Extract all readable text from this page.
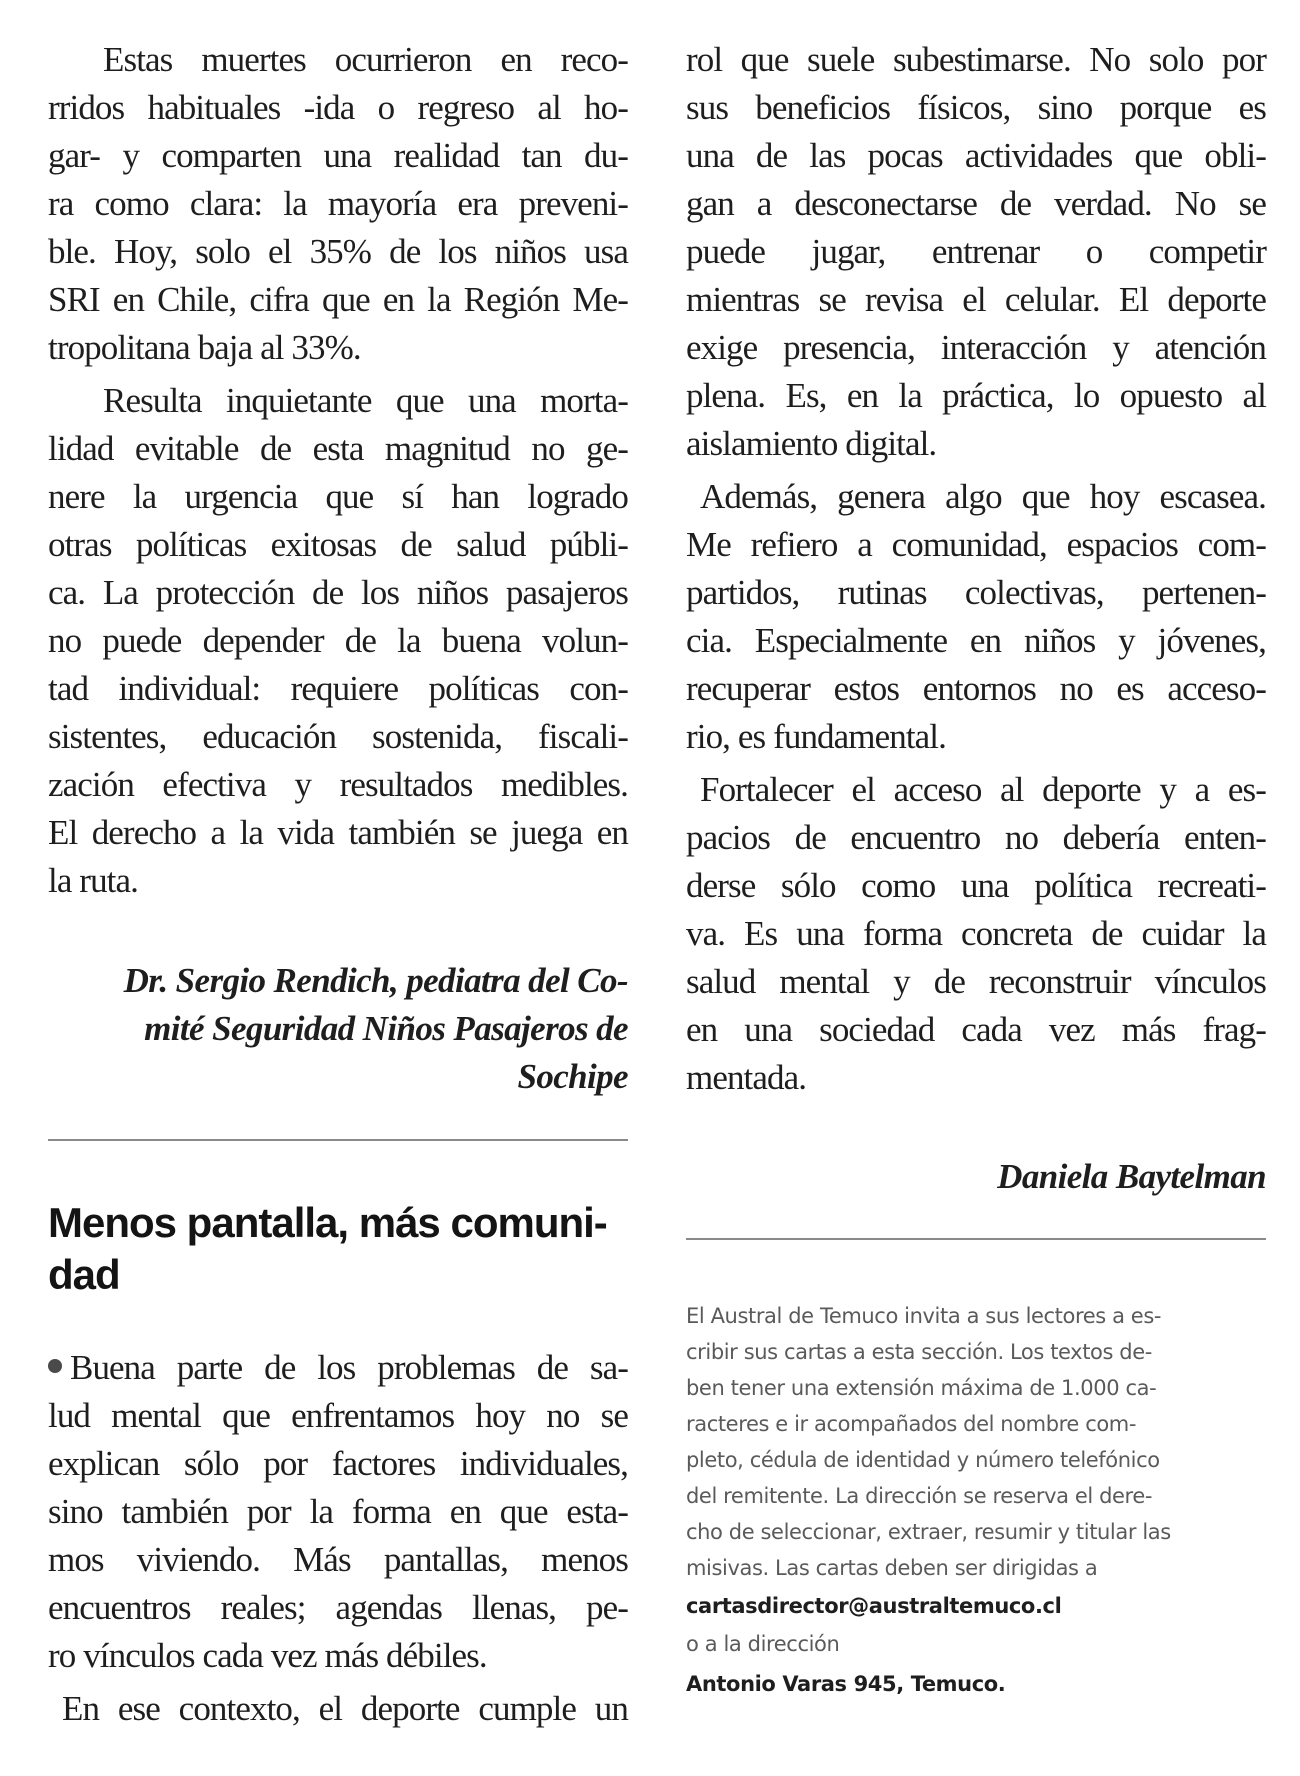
Estas muertes ocurrieron en reco-
rridos habituales -ida o regreso al ho-
gar- y comparten una realidad tan du-
ra como clara: la mayoría era preveni-
ble. Hoy, solo el 35% de los niños usa
SRI en Chile, cifra que en la Región Me-
tropolitana baja al 33%.
Resulta inquietante que una morta-
lidad evitable de esta magnitud no ge-
nere la urgencia que sí han logrado
otras políticas exitosas de salud públi-
ca. La protección de los niños pasajeros
no puede depender de la buena volun-
tad individual: requiere políticas con-
sistentes, educación sostenida, fiscali-
zación efectiva y resultados medibles.
El derecho a la vida también se juega en
la ruta.
Dr. Sergio Rendich, pediatra del Co-
mité Seguridad Niños Pasajeros de
Sochipe
Menos pantalla, más comuni-
dad
Buena parte de los problemas de sa-
lud mental que enfrentamos hoy no se
explican sólo por factores individuales,
sino también por la forma en que esta-
mos viviendo. Más pantallas, menos
encuentros reales; agendas llenas, pe-
ro vínculos cada vez más débiles.
En ese contexto, el deporte cumple un
rol que suele subestimarse. No solo por
sus beneficios físicos, sino porque es
una de las pocas actividades que obli-
gan a desconectarse de verdad. No se
puede jugar, entrenar o competir
mientras se revisa el celular. El deporte
exige presencia, interacción y atención
plena. Es, en la práctica, lo opuesto al
aislamiento digital.
Además, genera algo que hoy escasea.
Me refiero a comunidad, espacios com-
partidos, rutinas colectivas, pertenen-
cia. Especialmente en niños y jóvenes,
recuperar estos entornos no es acceso-
rio, es fundamental.
Fortalecer el acceso al deporte y a es-
pacios de encuentro no debería enten-
derse sólo como una política recreati-
va. Es una forma concreta de cuidar la
salud mental y de reconstruir vínculos
en una sociedad cada vez más frag-
mentada.
Daniela Baytelman
El Austral de Temuco invita a sus lectores a es-
cribir sus cartas a esta sección. Los textos de-
ben tener una extensión máxima de 1.000 ca-
racteres e ir acompañados del nombre com-
pleto, cédula de identidad y número telefónico
del remitente. La dirección se reserva el dere-
cho de seleccionar, extraer, resumir y titular las
misivas. Las cartas deben ser dirigidas a
cartasdirector@australtemuco.cl
o a la dirección
Antonio Varas 945, Temuco.
